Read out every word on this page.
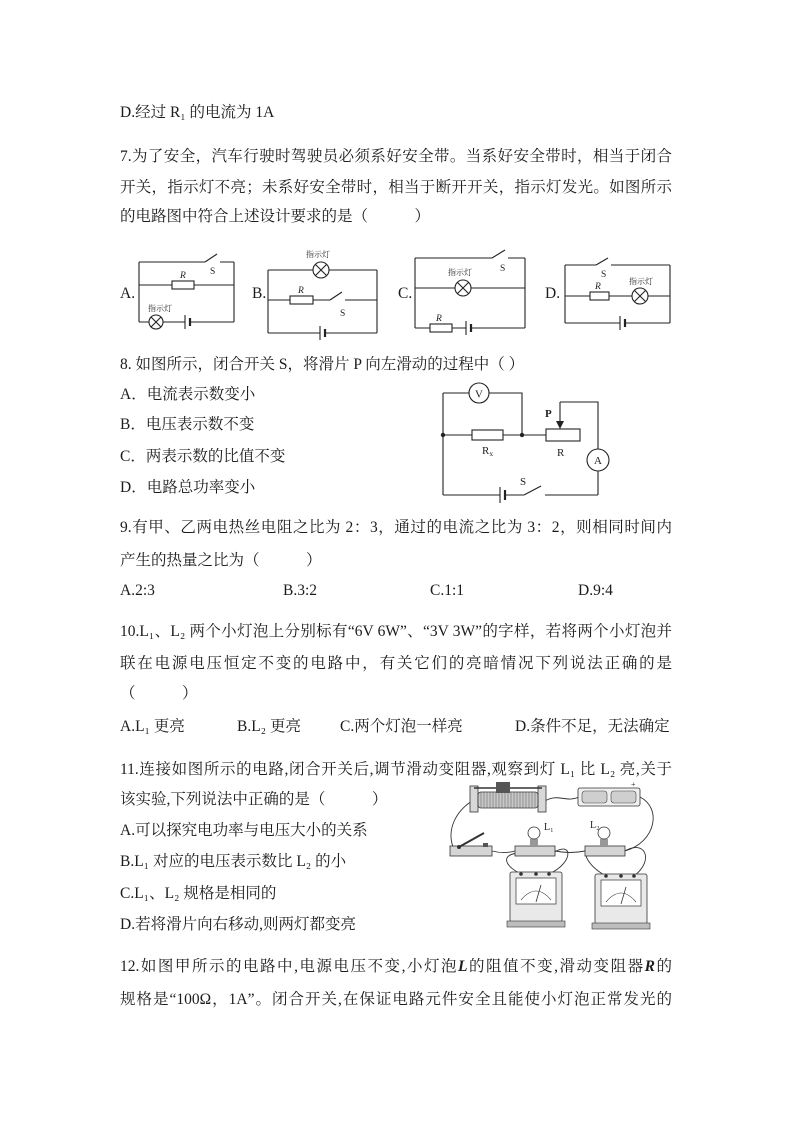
D.经过 R₁ 的电流为 1A
7.为了安全，汽车行驶时驾驶员必须系好安全带。当系好安全带时，相当于闭合
开关，指示灯不亮；未系好安全带时，相当于断开开关，指示灯发光。如图所示
的电路图中符合上述设计要求的是（　　　）
A.	B.	C.	D.
R	S
指示灯
R
S
指示灯
R
S
指示灯
R
S
指示灯
8. 如图所示，闭合开关 S，将滑片 P 向左滑动的过程中（ ）
A．电流表示数变小
B．电压表示数不变
C．两表示数的比值不变
D．电路总功率变小
V
P
Rx	R
A
S
9.有甲、乙两电热丝电阻之比为 2：3，通过的电流之比为 3：2，则相同时间内
产生的热量之比为（　　　）
A.2:3	B.3:2	C.1:1	D.9:4
10.L₁、L₂ 两个小灯泡上分别标有“6V 6W”、“3V 3W”的字样，若将两个小灯泡并
联在电源电压恒定不变的电路中，有关它们的亮暗情况下列说法正确的是
（　　　）
A.L₁ 更亮	B.L₂ 更亮	C.两个灯泡一样亮	D.条件不足，无法确定
11.连接如图所示的电路,闭合开关后,调节滑动变阻器,观察到灯 L₁ 比 L₂ 亮,关于
该实验,下列说法中正确的是（　　　）
A.可以探究电功率与电压大小的关系
B.L₁ 对应的电压表示数比 L₂ 的小
C.L₁、L₂ 规格是相同的
D.若将滑片向右移动,则两灯都变亮
+
L₁	L₂
12.如图甲所示的电路中,电源电压不变,小灯泡L的阻值不变,滑动变阻器R的
规格是“100Ω，1A”。闭合开关,在保证电路元件安全且能使小灯泡正常发光的
